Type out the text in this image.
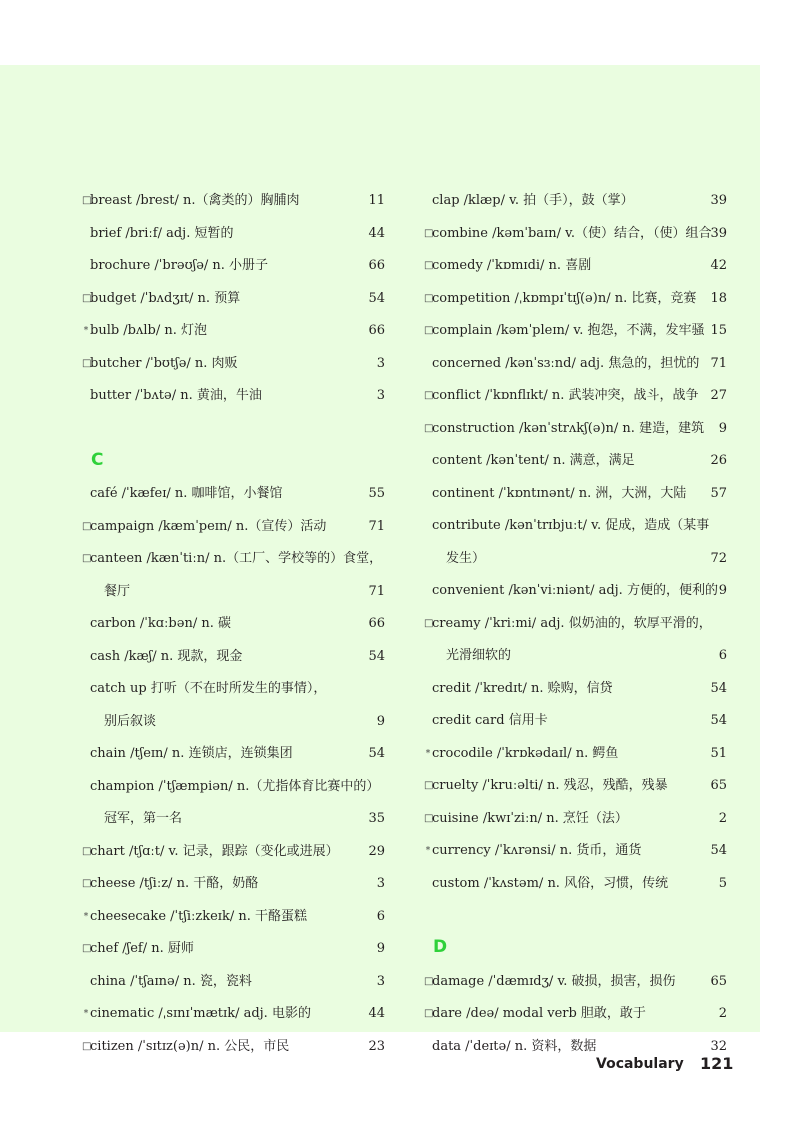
□
breast /brest/ n.（禽类的）胸脯肉	11
brief /briːf/ adj. 短暂的	44
brochure /ˈbrəʊʃə/ n. 小册子	66
□
budget /ˈbʌdʒɪt/ n. 预算	54
* bulb /bʌlb/ n. 灯泡	66
□
butcher /ˈbʊtʃə/ n. 肉贩	3
butter /ˈbʌtə/ n. 黄油，牛油	3
C
café /ˈkæfeɪ/ n. 咖啡馆，小餐馆	55
□
campaign /kæmˈpeɪn/ n.（宣传）活动	71
□
canteen /kænˈtiːn/ n.（工厂、学校等的）食堂，
餐厅	71
carbon /ˈkɑːbən/ n. 碳	66
cash /kæʃ/ n. 现款，现金	54
catch up 打听（不在时所发生的事情），
别后叙谈	9
chain /tʃeɪn/ n. 连锁店，连锁集团	54
champion /ˈtʃæmpiən/ n.（尤指体育比赛中的）
冠军，第一名	35
□
chart /tʃɑːt/ v. 记录，跟踪（变化或进展） 29
□
cheese /tʃiːz/ n. 干酪，奶酪	3
* cheesecake /ˈtʃiːzkeɪk/ n. 干酪蛋糕	6
□
chef /ʃef/ n. 厨师	9
china /ˈtʃaɪnə/ n. 瓷，瓷料	3
* cinematic /ˌsɪnɪˈmætɪk/ adj. 电影的	44
□
citizen /ˈsɪtɪz(ə)n/ n. 公民，市民	23
clap /klæp/ v. 拍（手），鼓（掌）	39
□
combine /kəmˈbaɪn/ v.（使）结合，（使）组合
39
□
comedy /ˈkɒmɪdi/ n. 喜剧	42
□
competition /ˌkɒmpɪˈtɪʃ(ə)n/ n. 比赛，竞赛 18
□
complain /kəmˈpleɪn/ v. 抱怨，不满，发牢骚 15
concerned /kənˈsɜːnd/ adj. 焦急的，担忧的 71
□
conflict /ˈkɒnflɪkt/ n. 武装冲突，战斗，战争 27
□
construction /kənˈstrʌkʃ(ə)n/ n. 建造，建筑 9
content /kənˈtent/ n. 满意，满足	26
continent /ˈkɒntɪnənt/ n. 洲，大洲，大陆 57
contribute /kənˈtrɪbjuːt/ v. 促成，造成（某事
发生）	72
convenient /kənˈviːniənt/ adj. 方便的，便利的 9
□
creamy /ˈkriːmi/ adj. 似奶油的，软厚平滑的，
光滑细软的	6
credit /ˈkredɪt/ n. 赊购，信贷	54
credit card 信用卡	54
* crocodile /ˈkrɒkədaɪl/ n. 鳄鱼	51
□
cruelty /ˈkruːəlti/ n. 残忍，残酷，残暴	65
□
cuisine /kwɪˈziːn/ n. 烹饪（法）	2
* currency /ˈkʌrənsi/ n. 货币，通货	54
custom /ˈkʌstəm/ n. 风俗，习惯，传统	5
D
□
damage /ˈdæmɪdʒ/ v. 破损，损害，损伤	65
□
dare /deə/ modal verb 胆敢，敢于	2
data /ˈdeɪtə/ n. 资料，数据	32
Vocabulary 121
